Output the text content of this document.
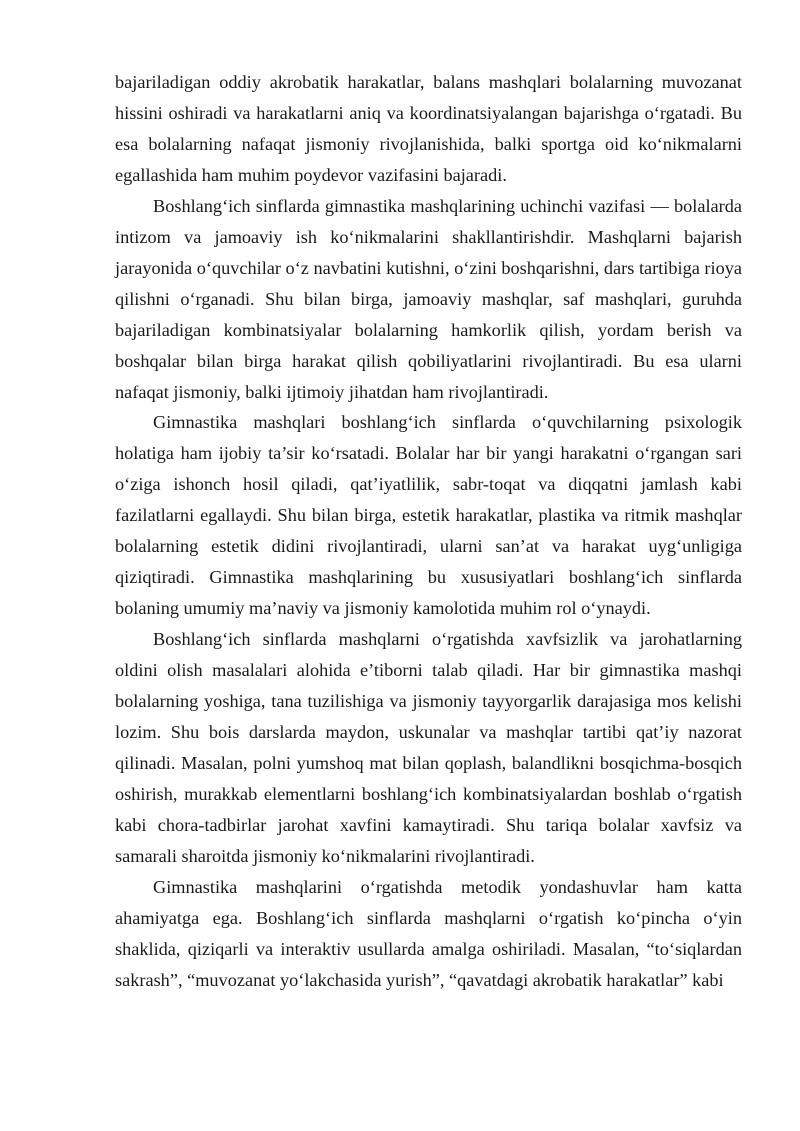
bajariladigan oddiy akrobatik harakatlar, balans mashqlari bolalarning muvozanat hissini oshiradi va harakatlarni aniq va koordinatsiyalangan bajarishga o‘rgatadi. Bu esa bolalarning nafaqat jismoniy rivojlanishida, balki sportga oid ko‘nikmalarni egallashida ham muhim poydevor vazifasini bajaradi.

Boshlang‘ich sinflarda gimnastika mashqlarining uchinchi vazifasi — bolalarda intizom va jamoaviy ish ko‘nikmalarini shakllantirishdir. Mashqlarni bajarish jarayonida o‘quvchilar o‘z navbatini kutishni, o‘zini boshqarishni, dars tartibiga rioya qilishni o‘rganadi. Shu bilan birga, jamoaviy mashqlar, saf mashqlari, guruhda bajariladigan kombinatsiyalar bolalarning hamkorlik qilish, yordam berish va boshqalar bilan birga harakat qilish qobiliyatlarini rivojlantiradi. Bu esa ularni nafaqat jismoniy, balki ijtimoiy jihatdan ham rivojlantiradi.

Gimnastika mashqlari boshlang‘ich sinflarda o‘quvchilarning psixologik holatiga ham ijobiy ta’sir ko‘rsatadi. Bolalar har bir yangi harakatni o‘rgangan sari o‘ziga ishonch hosil qiladi, qat’iyatlilik, sabr-toqat va diqqatni jamlash kabi fazilatlarni egallaydi. Shu bilan birga, estetik harakatlar, plastika va ritmik mashqlar bolalarning estetik didini rivojlantiradi, ularni san’at va harakat uyg‘unligiga qiziqtiradi. Gimnastika mashqlarining bu xususiyatlari boshlang‘ich sinflarda bolaning umumiy ma’naviy va jismoniy kamolotida muhim rol o‘ynaydi.

Boshlang‘ich sinflarda mashqlarni o‘rgatishda xavfsizlik va jarohatlarning oldini olish masalalari alohida e’tiborni talab qiladi. Har bir gimnastika mashqi bolalarning yoshiga, tana tuzilishiga va jismoniy tayyorgarlik darajasiga mos kelishi lozim. Shu bois darslarda maydon, uskunalar va mashqlar tartibi qat’iy nazorat qilinadi. Masalan, polni yumshoq mat bilan qoplash, balandlikni bosqichma-bosqich oshirish, murakkab elementlarni boshlang‘ich kombinatsiyalardan boshlab o‘rgatish kabi chora-tadbirlar jarohat xavfini kamaytiradi. Shu tariqa bolalar xavfsiz va samarali sharoitda jismoniy ko‘nikmalarini rivojlantiradi.

Gimnastika mashqlarini o‘rgatishda metodik yondashuvlar ham katta ahamiyatga ega. Boshlang‘ich sinflarda mashqlarni o‘rgatish ko‘pincha o‘yin shaklida, qiziqarli va interaktiv usullarda amalga oshiriladi. Masalan, “to‘siqlardan sakrash”, “muvozanat yo‘lakchasida yurish”, “qavatdagi akrobatik harakatlar” kabi
